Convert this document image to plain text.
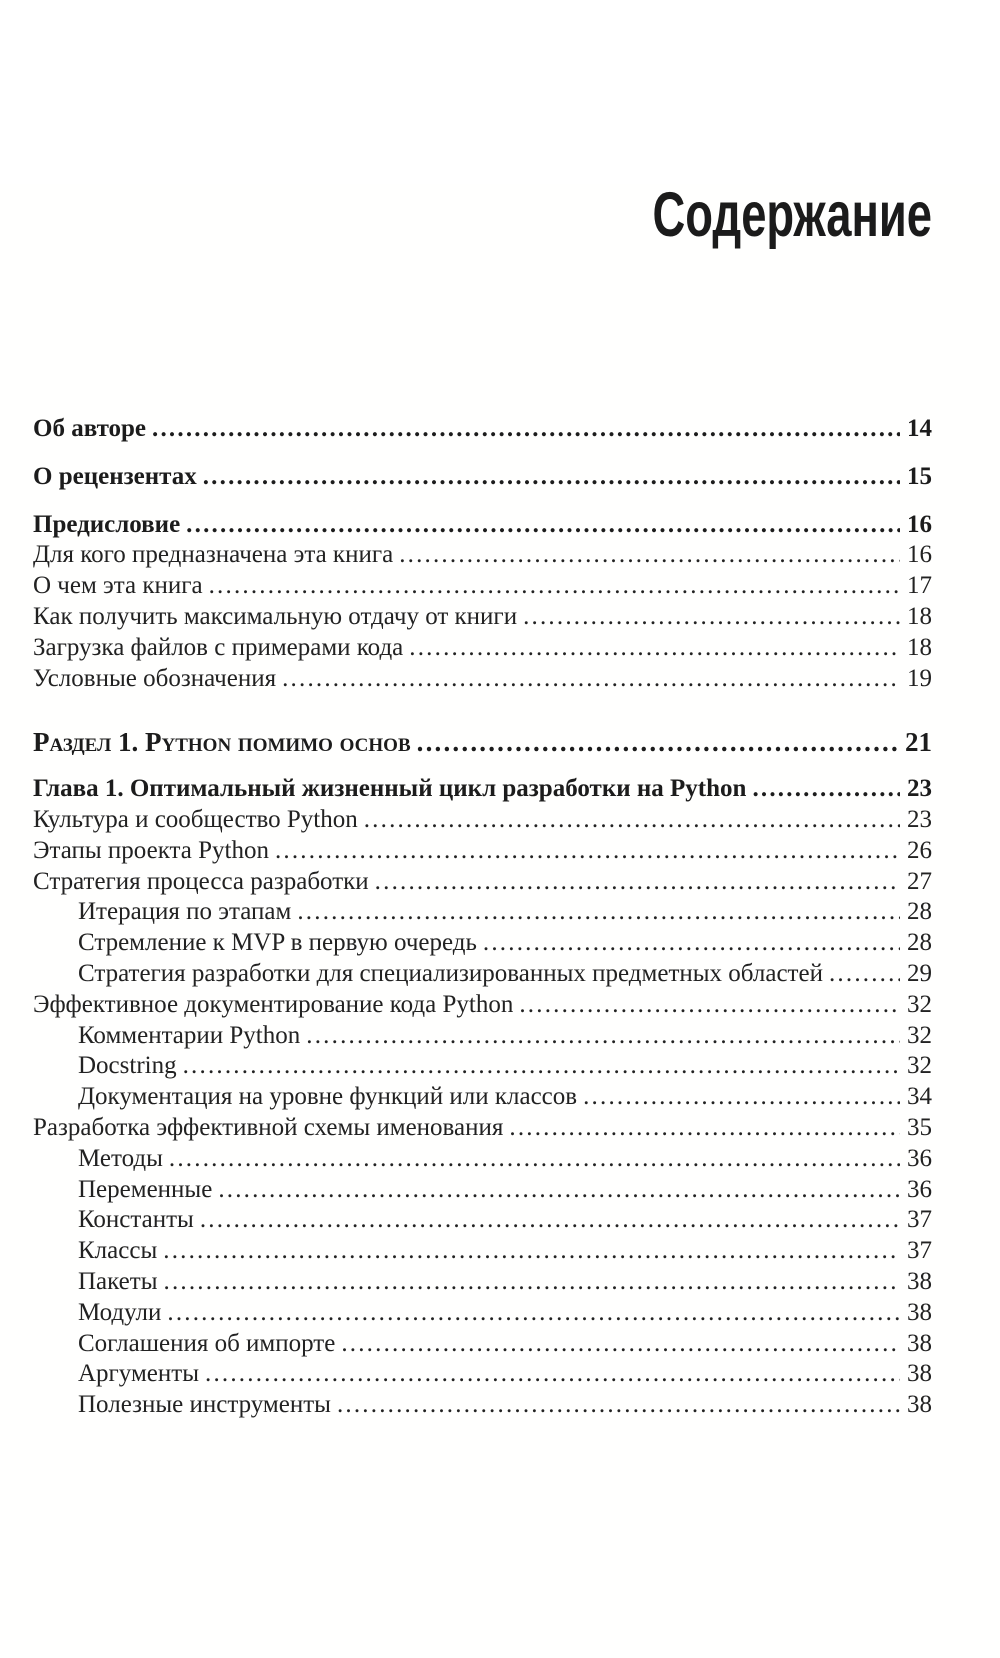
Содержание
Об авторе .....	14
О рецензентах .....	15
Предисловие .....	16
Для кого предназначена эта книга .....	16
О чем эта книга .....	17
Как получить максимальную отдачу от книги .....	18
Загрузка файлов с примерами кода .....	18
Условные обозначения .....	19
Раздел 1. Python помимо основ .....	21
Глава 1. Оптимальный жизненный цикл разработки на Python .....	23
Культура и сообщество Python .....	23
Этапы проекта Python .....	26
Стратегия процесса разработки .....	27
Итерация по этапам .....	28
Стремление к MVP в первую очередь .....	28
Стратегия разработки для специализированных предметных областей .....	29
Эффективное документирование кода Python .....	32
Комментарии Python .....	32
Docstring .....	32
Документация на уровне функций или классов .....	34
Разработка эффективной схемы именования .....	35
Методы .....	36
Переменные .....	36
Константы .....	37
Классы .....	37
Пакеты .....	38
Модули .....	38
Соглашения об импорте .....	38
Аргументы .....	38
Полезные инструменты .....	38
